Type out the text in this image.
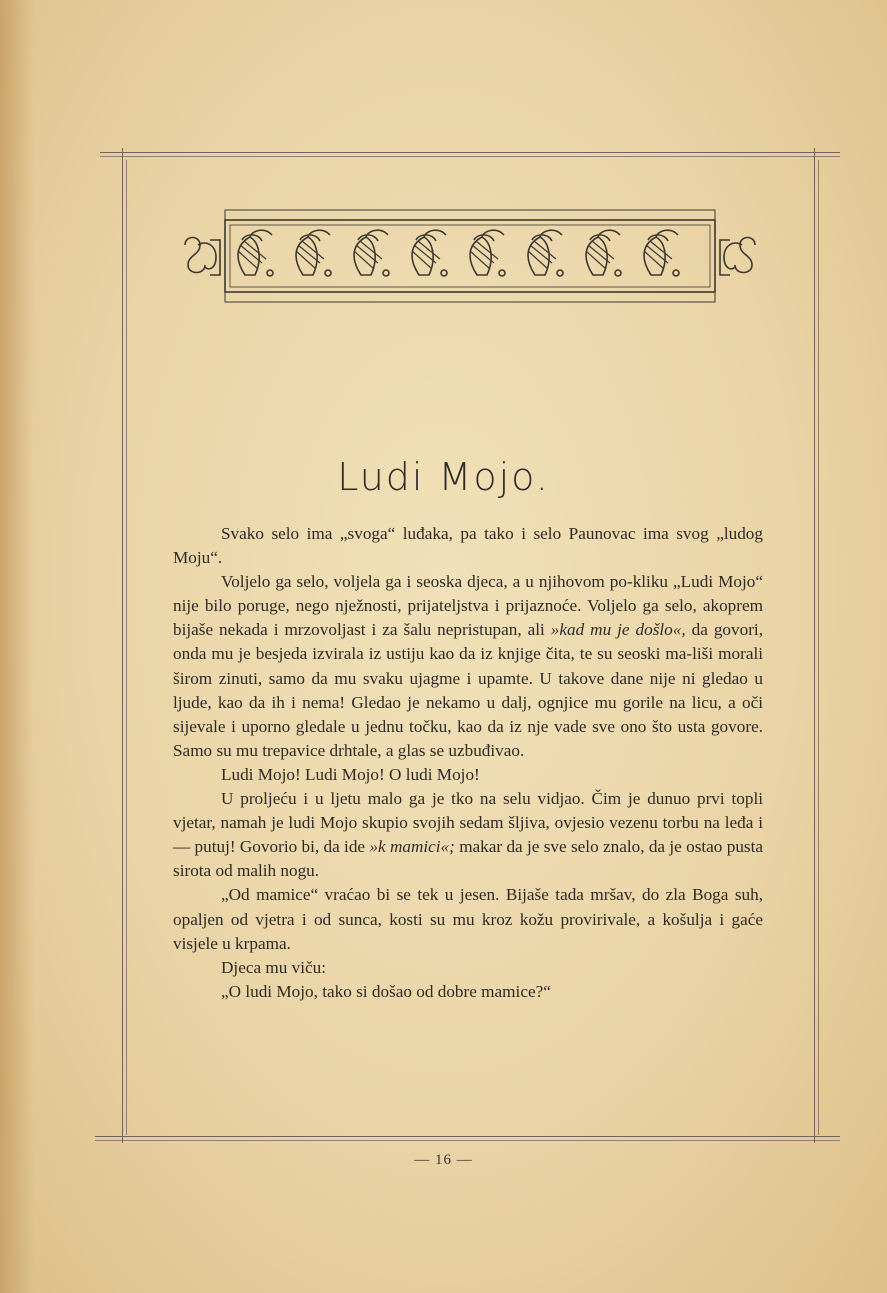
Ludi Mojo.

Svako selo ima „svoga“ luđaka, pa tako i selo Paunovac ima svog „ludog Moju“.

Voljelo ga selo, voljela ga i seoska djeca, a u njihovom po-kliku „Ludi Mojo“ nije bilo poruge, nego nježnosti, prijateljstva i prijaznoće. Voljelo ga selo, akoprem bijaše nekada i mrzovoljast i za šalu nepristupan, ali »kad mu je došlo«, da govori, onda mu je besjeda izvirala iz ustiju kao da iz knjige čita, te su seoski ma-liši morali širom zinuti, samo da mu svaku ujagme i upamte. U takove dane nije ni gledao u ljude, kao da ih i nema! Gledao je nekamo u dalj, ognjice mu gorile na licu, a oči sijevale i uporno gledale u jednu točku, kao da iz nje vade sve ono što usta govore. Samo su mu trepavice drhtale, a glas se uzbuđivao.

Ludi Mojo! Ludi Mojo! O ludi Mojo!

U proljeću i u ljetu malo ga je tko na selu vidjao. Čim je dunuo prvi topli vjetar, namah je ludi Mojo skupio svojih sedam šljiva, ovjesio vezenu torbu na leđa i — putuj! Govorio bi, da ide »k mamici«; makar da je sve selo znalo, da je ostao pusta sirota od malih nogu.

„Od mamice“ vraćao bi se tek u jesen. Bijaše tada mršav, do zla Boga suh, opaljen od vjetra i od sunca, kosti su mu kroz kožu provirivale, a košulja i gaće visjele u krpama.

Djeca mu viču:

„O ludi Mojo, tako si došao od dobre mamice?“

— 16 —
